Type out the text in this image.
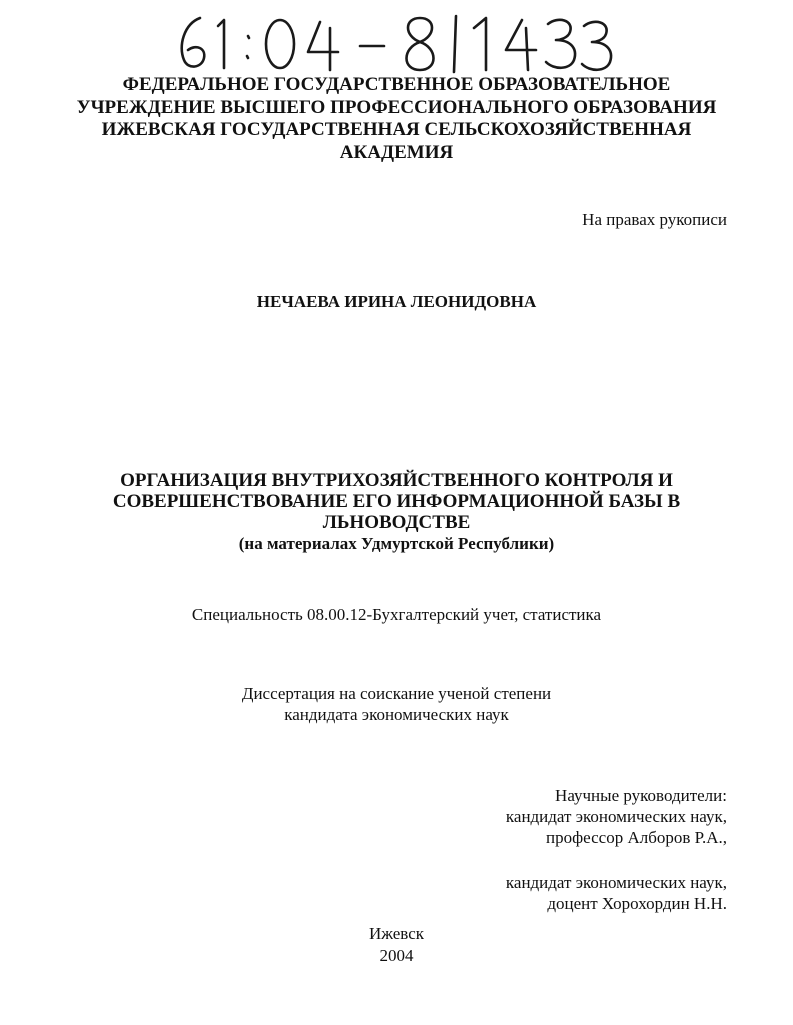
ФЕДЕРАЛЬНОЕ ГОСУДАРСТВЕННОЕ ОБРАЗОВАТЕЛЬНОЕ
УЧРЕЖДЕНИЕ ВЫСШЕГО ПРОФЕССИОНАЛЬНОГО ОБРАЗОВАНИЯ
ИЖЕВСКАЯ ГОСУДАРСТВЕННАЯ СЕЛЬСКОХОЗЯЙСТВЕННАЯ
АКАДЕМИЯ
На правах рукописи
НЕЧАЕВА ИРИНА ЛЕОНИДОВНА
ОРГАНИЗАЦИЯ ВНУТРИХОЗЯЙСТВЕННОГО КОНТРОЛЯ И
СОВЕРШЕНСТВОВАНИЕ ЕГО ИНФОРМАЦИОННОЙ БАЗЫ В
ЛЬНОВОДСТВЕ
(на материалах Удмуртской Республики)
Специальность 08.00.12-Бухгалтерский учет, статистика
Диссертация на соискание ученой степени
кандидата экономических наук
Научные руководители:
кандидат экономических наук,
профессор Алборов Р.А.,
кандидат экономических наук,
доцент Хорохордин Н.Н.
Ижевск
2004
